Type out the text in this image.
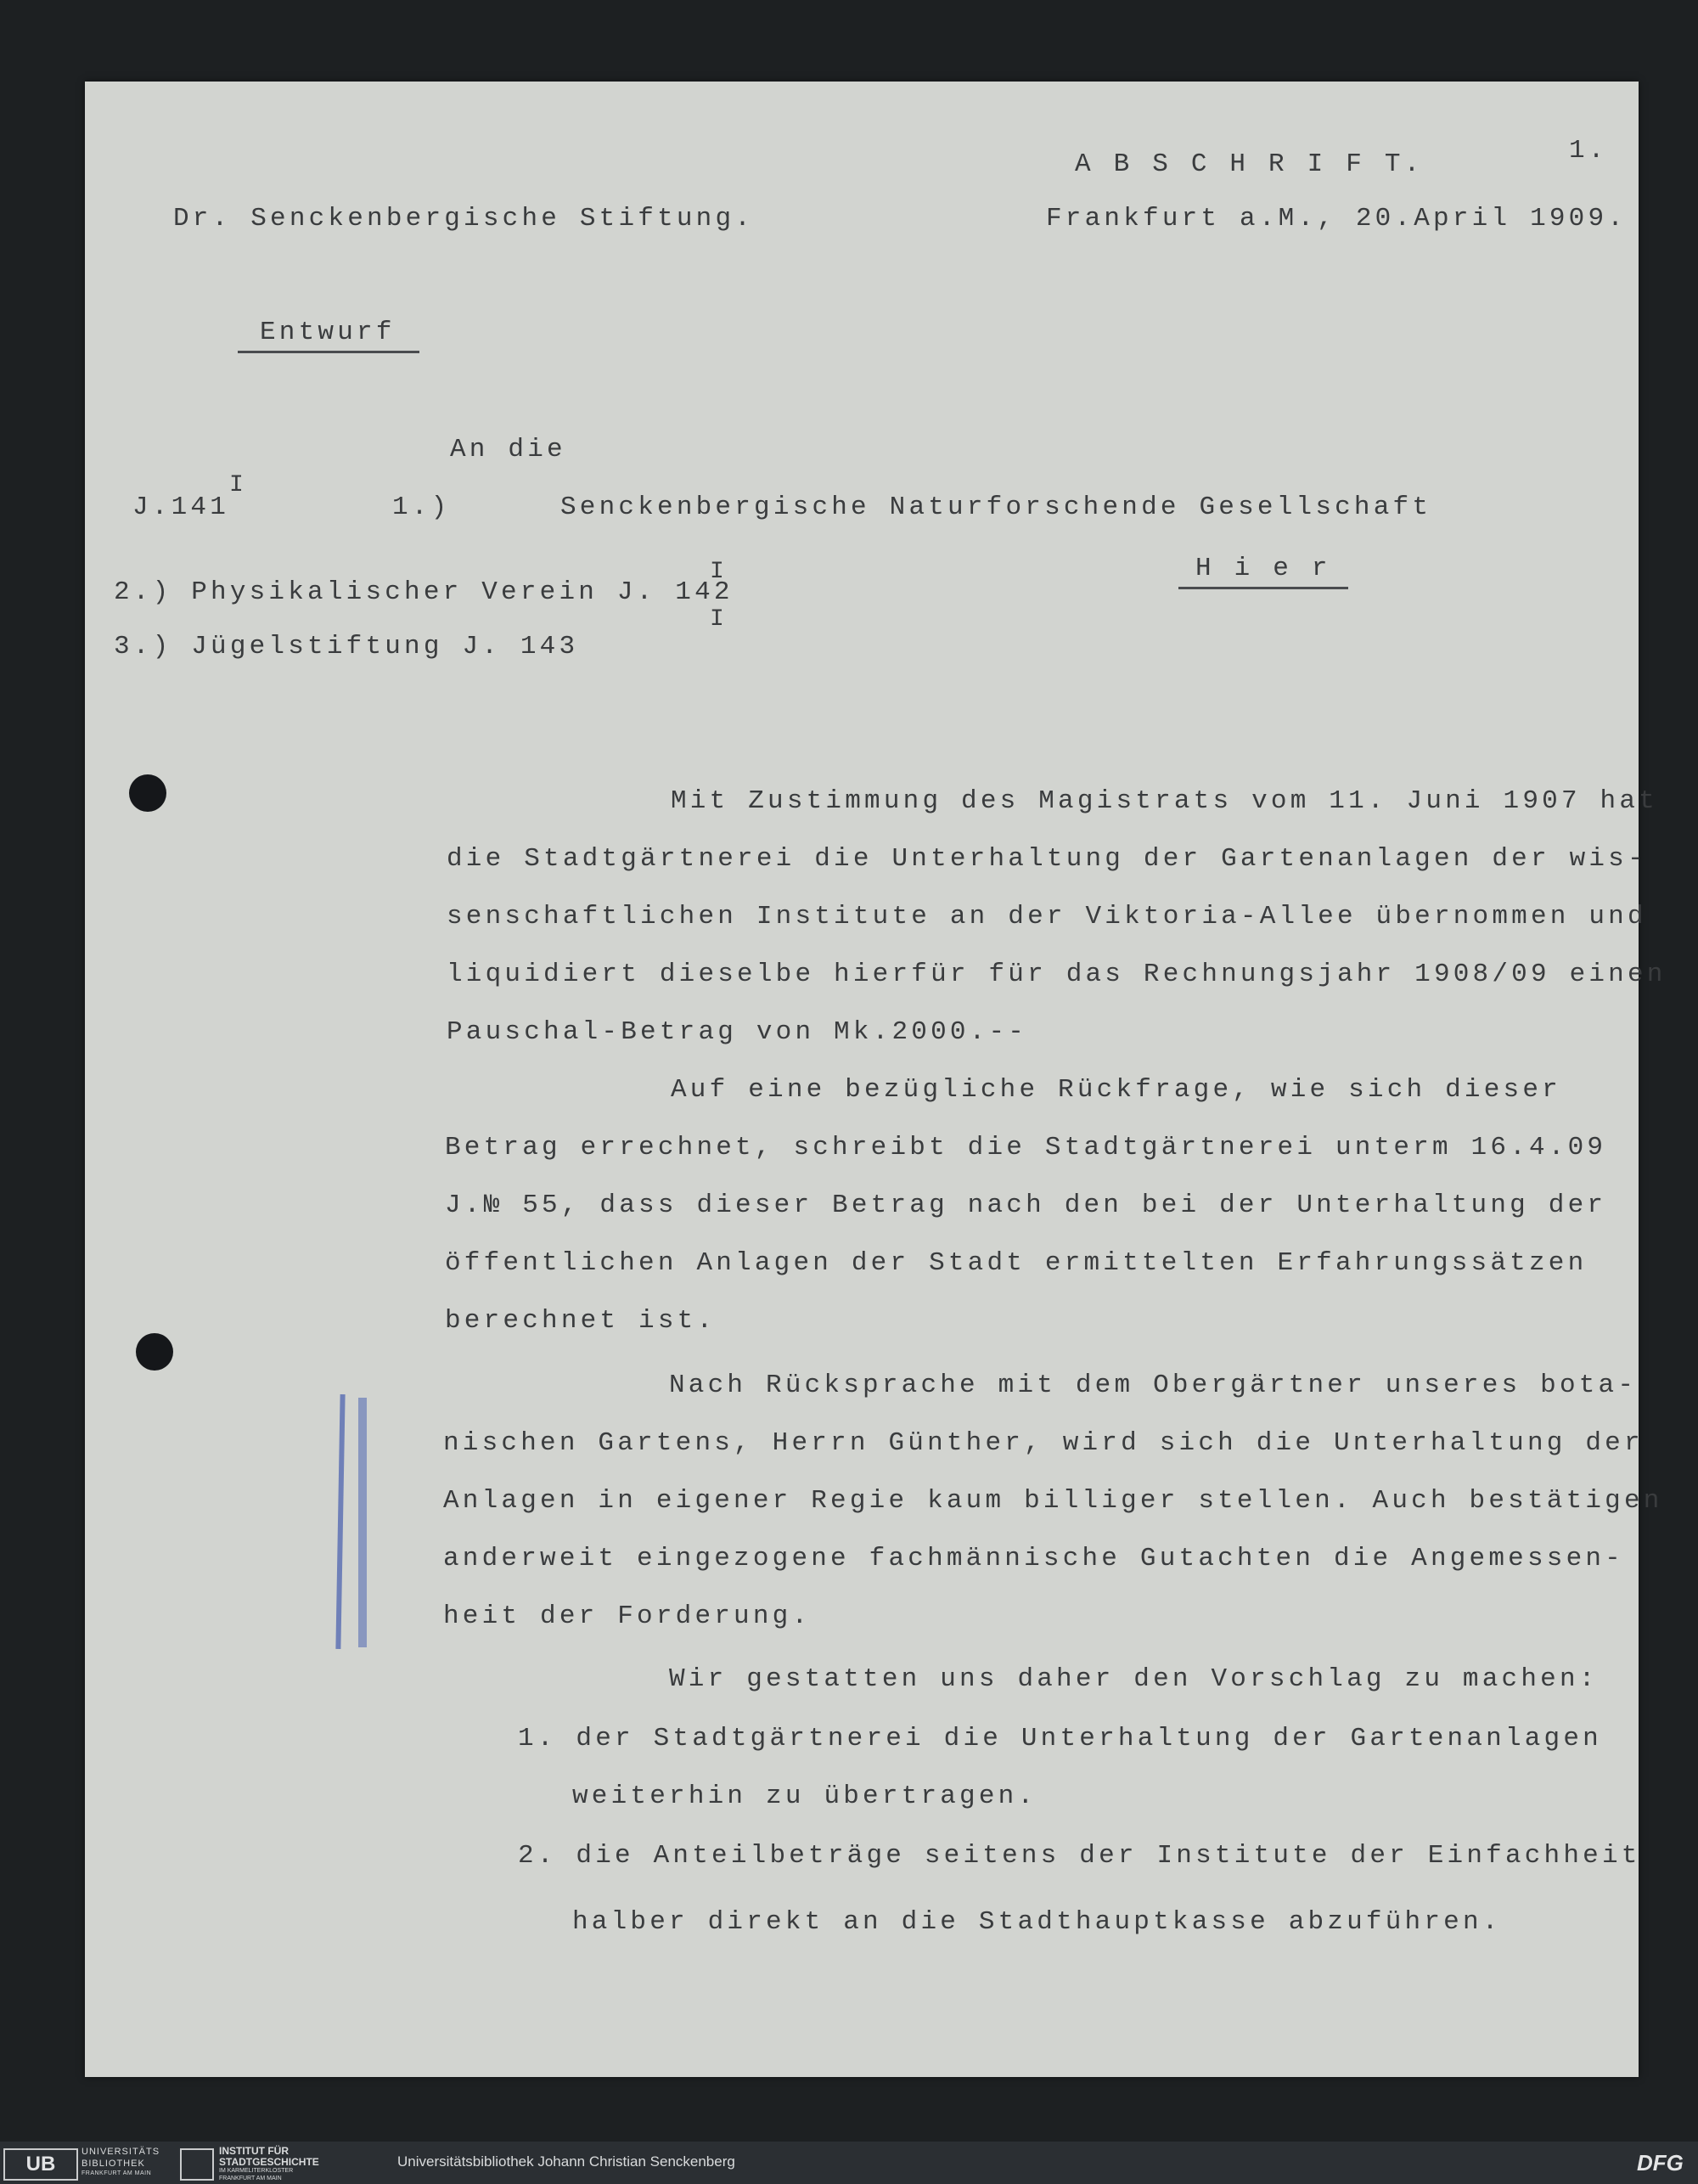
A B S C H R I F T.	1.
Dr. Senckenbergische Stiftung.	Frankfurt a.M., 20.April 1909.
Entwurf
An die
J.141
I
1.)	Senckenbergische Naturforschende Gesellschaft
H i e r
2.) Physikalischer Verein J. 142
I
I
3.) Jügelstiftung J. 143
Mit Zustimmung des Magistrats vom 11. Juni 1907 hat
die Stadtgärtnerei die Unterhaltung der Gartenanlagen der wis-
senschaftlichen Institute an der Viktoria-Allee übernommen und
liquidiert dieselbe hierfür für das Rechnungsjahr 1908/09 einen
Pauschal-Betrag von Mk.2000.--
Auf eine bezügliche Rückfrage, wie sich dieser
Betrag errechnet, schreibt die Stadtgärtnerei unterm 16.4.09
J.№ 55, dass dieser Betrag nach den bei der Unterhaltung der
öffentlichen Anlagen der Stadt ermittelten Erfahrungssätzen
berechnet ist.
Nach Rücksprache mit dem Obergärtner unseres bota-
nischen Gartens, Herrn Günther, wird sich die Unterhaltung der
Anlagen in eigener Regie kaum billiger stellen. Auch bestätigen
anderweit eingezogene fachmännische Gutachten die Angemessen-
heit der Forderung.
Wir gestatten uns daher den Vorschlag zu machen:
1. der Stadtgärtnerei die Unterhaltung der Gartenanlagen
weiterhin zu übertragen.
2. die Anteilbeträge seitens der Institute der Einfachheit
halber direkt an die Stadthauptkasse abzuführen.
UB
UNIVERSITÄTS
BIBLIOTHEK
FRANKFURT AM MAIN
INSTITUT FÜR
STADTGESCHICHTE
IM KARMELITERKLOSTER
FRANKFURT AM MAIN
Universitätsbibliothek Johann Christian Senckenberg	DFG
